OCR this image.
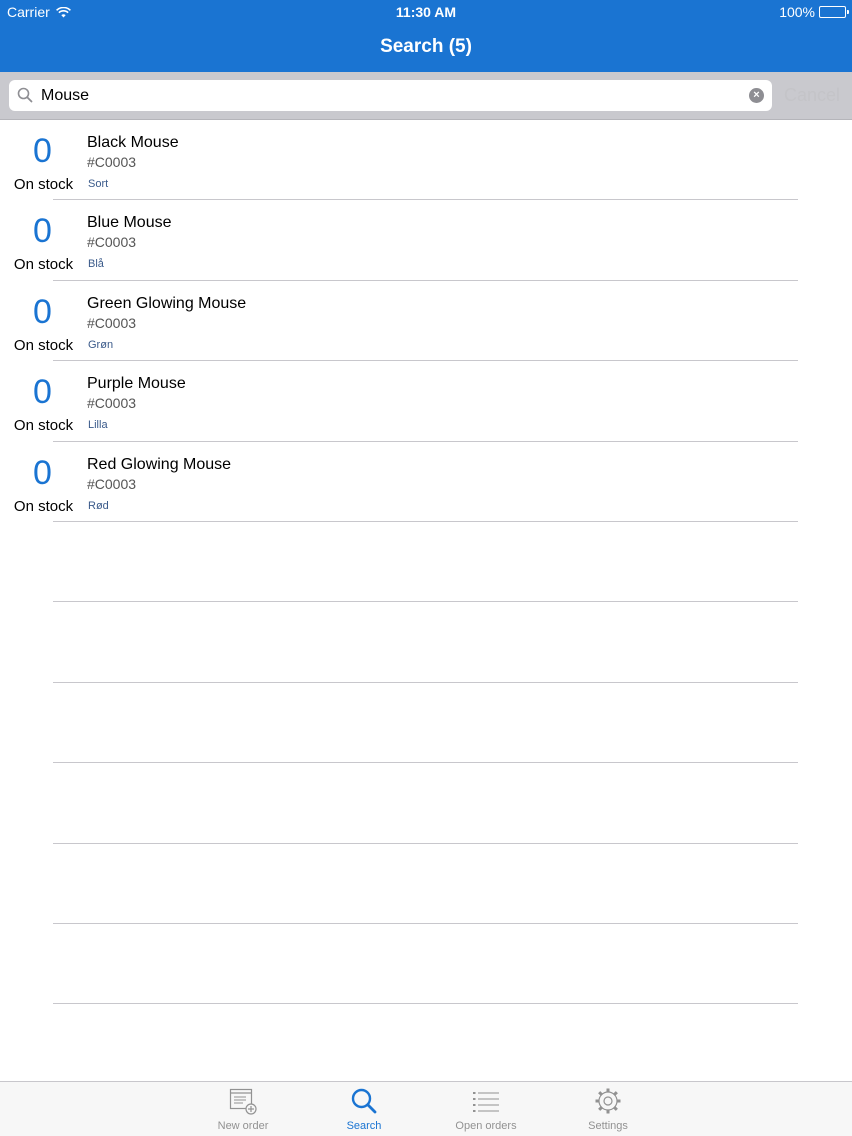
Carrier	11:30 AM	100%
Search (5)
Mouse
× Cancel
0
On stock
Black Mouse
#C0003
Sort
0
On stock
Blue Mouse
#C0003
Blå
0
On stock
Green Glowing Mouse
#C0003
Grøn
0
On stock
Purple Mouse
#C0003
Lilla
0
On stock
Red Glowing Mouse
#C0003
Rød
New order	Search	Open orders	Settings
